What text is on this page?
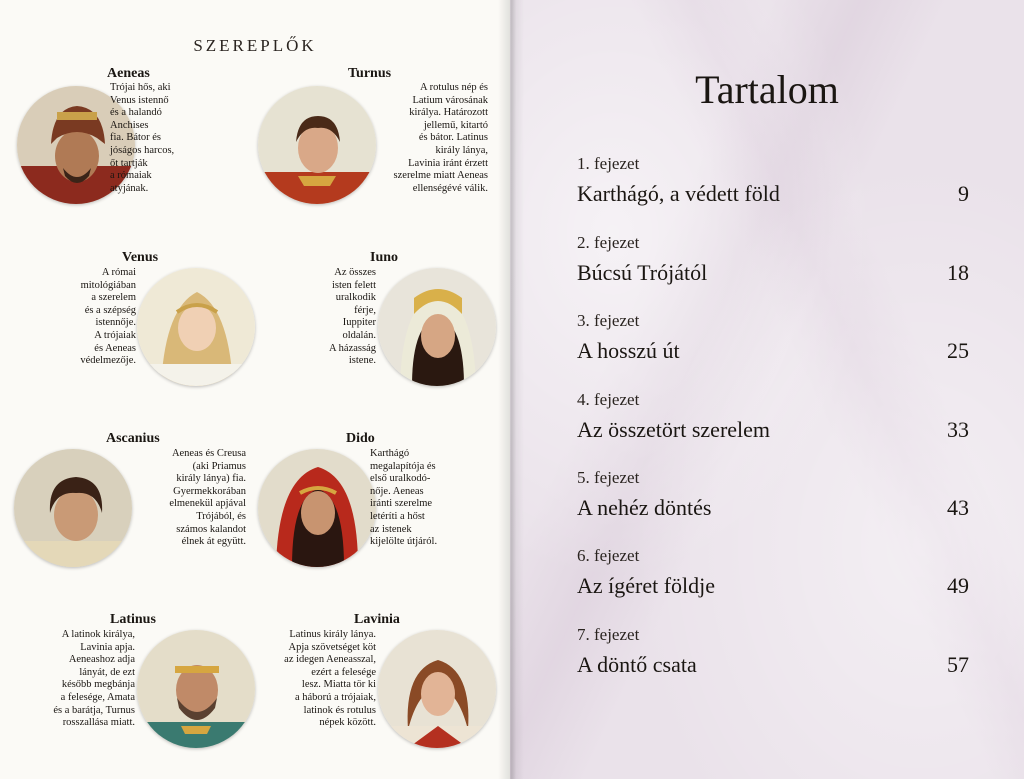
SZEREPLŐK
Aeneas
Trójai hős, aki
Venus istennő
és a halandó
Anchises
fia. Bátor és
jóságos harcos,
őt tartják
a rómaiak
atyjának.
Turnus
A rotulus nép és
Latium városának
királya. Határozott
jellemű, kitartó
és bátor. Latinus
király lánya,
Lavinia iránt érzett
szerelme miatt Aeneas
ellenségévé válik.
Venus
A római
mitológiában
a szerelem
és a szépség
istennője.
A trójaiak
és Aeneas
védelmezője.
Iuno
Az összes
isten felett
uralkodik
férje,
Iuppiter
oldalán.
A házasság
istene.
Ascanius
Aeneas és Creusa
(aki Priamus
király lánya) fia.
Gyermekkorában
elmenekül apjával
Trójából, és
számos kalandot
élnek át együtt.
Dido
Karthágó
megalapítója és
első uralkodó-
nője. Aeneas
iránti szerelme
letéríti a hőst
az istenek
kijelölte útjáról.
Latinus
A latinok királya,
Lavinia apja.
Aeneashoz adja
lányát, de ezt
később megbánja
a felesége, Amata
és a barátja, Turnus
rosszallása miatt.
Lavinia
Latinus király lánya.
Apja szövetséget köt
az idegen Aeneasszal,
ezért a felesége
lesz. Miatta tör ki
a háború a trójaiak,
latinok és rotulus
népek között.
Tartalom
1. fejezet
Karthágó, a védett föld	9
2. fejezet
Búcsú Trójától	18
3. fejezet
A hosszú út	25
4. fejezet
Az összetört szerelem	33
5. fejezet
A nehéz döntés	43
6. fejezet
Az ígéret földje	49
7. fejezet
A döntő csata	57
